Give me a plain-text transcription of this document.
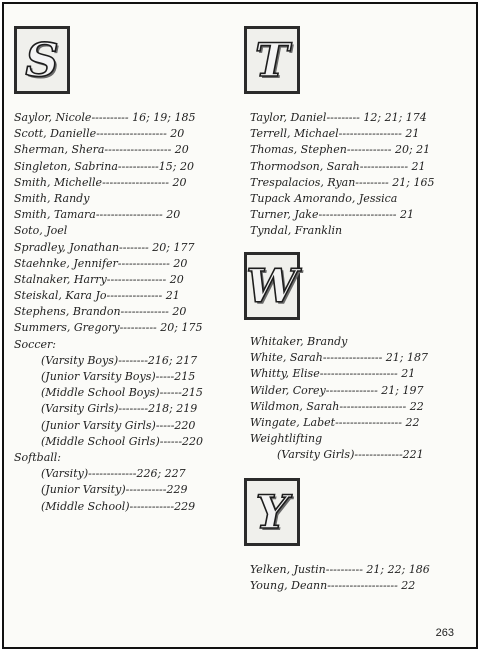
S	T
W
Y
Saylor, Nicole---------- 16; 19; 185
Scott, Danielle------------------- 20
Sherman, Shera------------------ 20
Singleton, Sabrina-----------15; 20
Smith, Michelle------------------ 20
Smith, Randy
Smith, Tamara------------------ 20
Soto, Joel
Spradley, Jonathan-------- 20; 177
Staehnke, Jennifer-------------- 20
Stalnaker, Harry---------------- 20
Steiskal, Kara Jo--------------- 21
Stephens, Brandon------------- 20
Summers, Gregory---------- 20; 175
Soccer:
(Varsity Boys)--------216; 217
(Junior Varsity Boys)-----215
(Middle School Boys)------215
(Varsity Girls)--------218; 219
(Junior Varsity Girls)-----220
(Middle School Girls)------220
Softball:
(Varsity)-------------226; 227
(Junior Varsity)-----------229
(Middle School)------------229
Taylor, Daniel--------- 12; 21; 174
Terrell, Michael----------------- 21
Thomas, Stephen------------ 20; 21
Thormodson, Sarah------------- 21
Trespalacios, Ryan--------- 21; 165
Tupack Amorando, Jessica
Turner, Jake--------------------- 21
Tyndal, Franklin
Whitaker, Brandy
White, Sarah---------------- 21; 187
Whitty, Elise--------------------- 21
Wilder, Corey-------------- 21; 197
Wildmon, Sarah------------------ 22
Wingate, Labet------------------ 22
Weightlifting
(Varsity Girls)-------------221
Yelken, Justin---------- 21; 22; 186
Young, Deann------------------- 22
263
